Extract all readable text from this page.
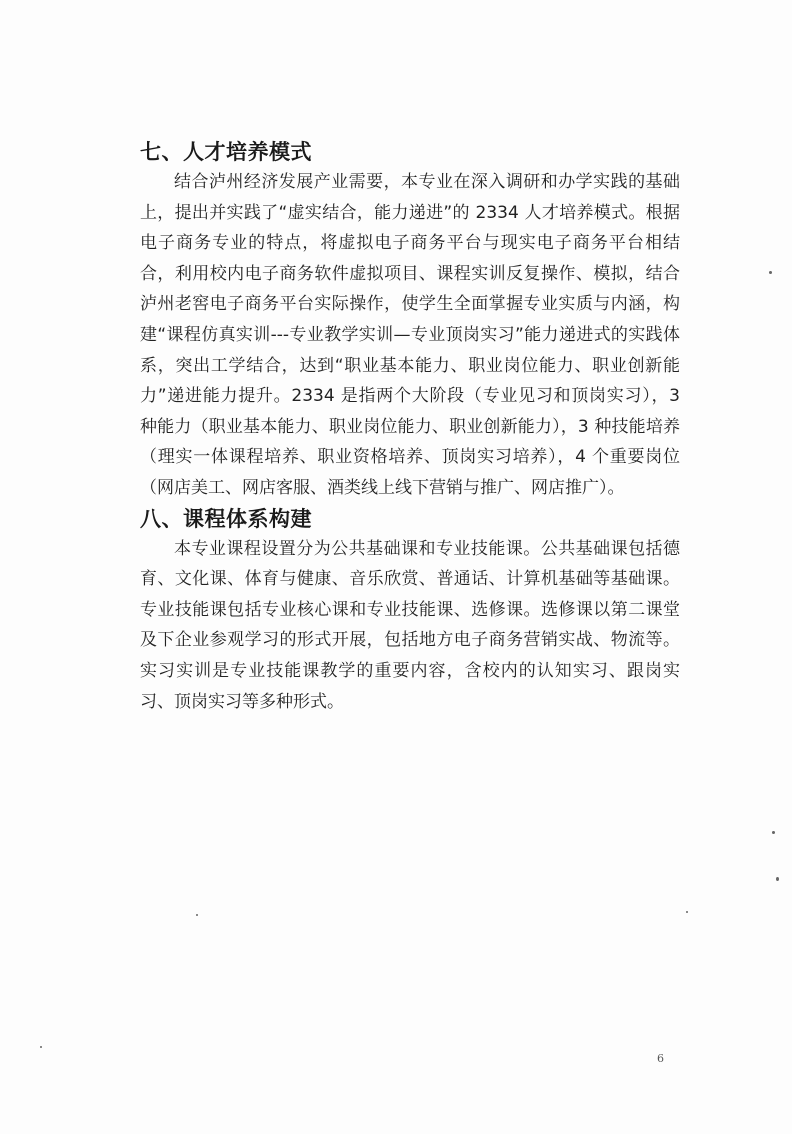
七、人才培养模式

结合泸州经济发展产业需要，本专业在深入调研和办学实践的基础上，提出并实践了“虚实结合，能力递进”的 2334 人才培养模式。根据电子商务专业的特点，将虚拟电子商务平台与现实电子商务平台相结合，利用校内电子商务软件虚拟项目、课程实训反复操作、模拟，结合泸州老窖电子商务平台实际操作，使学生全面掌握专业实质与内涵，构建“课程仿真实训---专业教学实训—专业顶岗实习”能力递进式的实践体系，突出工学结合，达到“职业基本能力、职业岗位能力、职业创新能力”递进能力提升。2334 是指两个大阶段（专业见习和顶岗实习），3 种能力（职业基本能力、职业岗位能力、职业创新能力），3 种技能培养（理实一体课程培养、职业资格培养、顶岗实习培养），4 个重要岗位（网店美工、网店客服、酒类线上线下营销与推广、网店推广）。

八、课程体系构建

本专业课程设置分为公共基础课和专业技能课。公共基础课包括德育、文化课、体育与健康、音乐欣赏、普通话、计算机基础等基础课。专业技能课包括专业核心课和专业技能课、选修课。选修课以第二课堂及下企业参观学习的形式开展，包括地方电子商务营销实战、物流等。实习实训是专业技能课教学的重要内容，含校内的认知实习、跟岗实习、顶岗实习等多种形式。

6
